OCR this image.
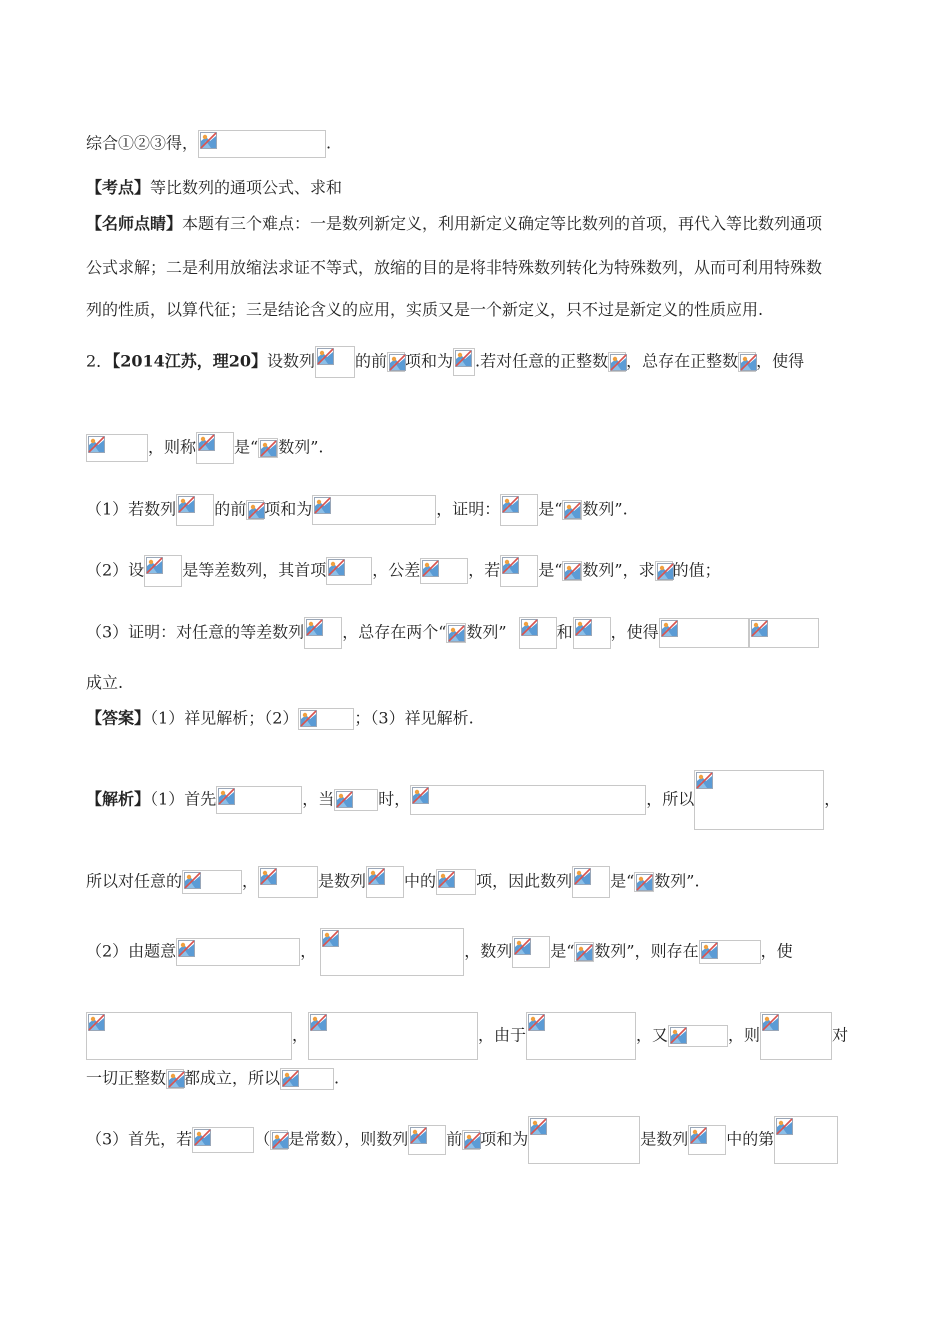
综合①②③得，	.
【考点】等比数列的通项公式、求和
【名师点睛】本题有三个难点：一是数列新定义，利用新定义确定等比数列的首项，再代入等比数列通项
公式求解；二是利用放缩法求证不等式，放缩的目的是将非特殊数列转化为特殊数列，从而可利用特殊数
列的性质，以算代征；三是结论含义的应用，实质又是一个新定义，只不过是新定义的性质应用.
2．【2014江苏，理20】设数列	的前 项和为 .若对任意的正整数 ，总存在正整数 ，使得
，则称 是“ 数列”.
（1）若数列 的前 项和为	，证明： 是“ 数列”.
（2）设 是等差数列，其首项	，公差	，若 是“ 数列”，求 的值；
（3）证明：对任意的等差数列 ，总存在两个“ 数列”	和 ，使得
成立.
【答案】（1）祥见解析；（2）	；（3）祥见解析.
【解析】（1）首先	，当	时，	，所以	，
所以对任意的	，	是数列 中的	项，因此数列 是“ 数列”.
（2）由题意	，	，数列 是“ 数列”，则存在	，使
，	，由于	，又	，则	对
一切正整数 都成立，所以	.
（3）首先，若	（ 是常数），则数列 前 项和为	是数列 中的第
